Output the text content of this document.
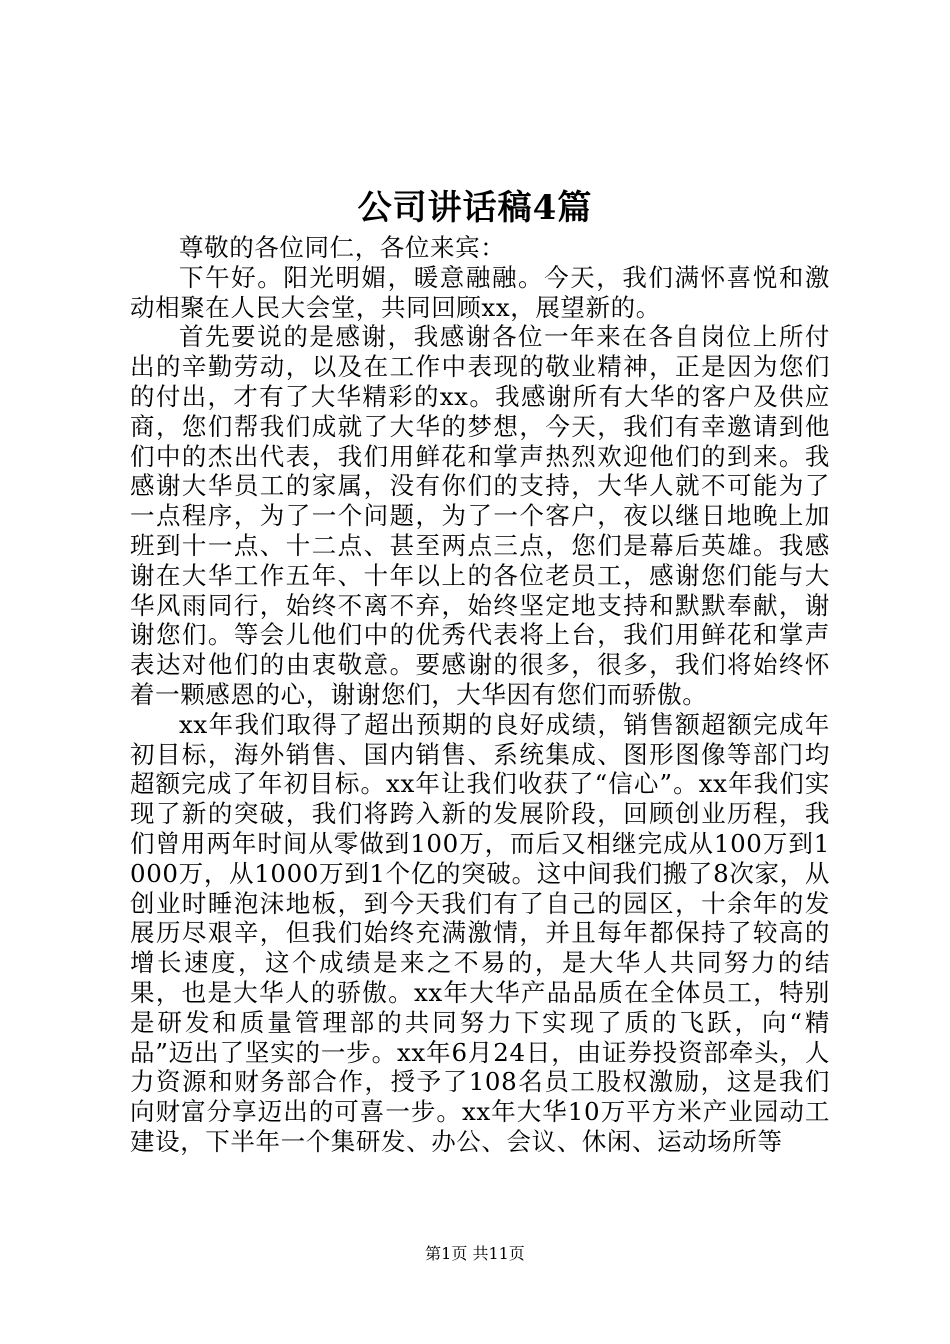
公司讲话稿4篇

尊敬的各位同仁，各位来宾：

下午好。阳光明媚，暖意融融。今天，我们满怀喜悦和激动相聚在人民大会堂，共同回顾xx，展望新的。

首先要说的是感谢，我感谢各位一年来在各自岗位上所付出的辛勤劳动，以及在工作中表现的敬业精神，正是因为您们的付出，才有了大华精彩的xx。我感谢所有大华的客户及供应商，您们帮我们成就了大华的梦想，今天，我们有幸邀请到他们中的杰出代表，我们用鲜花和掌声热烈欢迎他们的到来。我感谢大华员工的家属，没有你们的支持，大华人就不可能为了一点程序，为了一个问题，为了一个客户，夜以继日地晚上加班到十一点、十二点、甚至两点三点，您们是幕后英雄。我感谢在大华工作五年、十年以上的各位老员工，感谢您们能与大华风雨同行，始终不离不弃，始终坚定地支持和默默奉献，谢谢您们。等会儿他们中的优秀代表将上台，我们用鲜花和掌声表达对他们的由衷敬意。要感谢的很多，很多，我们将始终怀着一颗感恩的心，谢谢您们，大华因有您们而骄傲。

xx年我们取得了超出预期的良好成绩，销售额超额完成年初目标，海外销售、国内销售、系统集成、图形图像等部门均超额完成了年初目标。xx年让我们收获了“信心”。xx年我们实现了新的突破，我们将跨入新的发展阶段，回顾创业历程，我们曾用两年时间从零做到100万，而后又相继完成从100万到1000万，从1000万到1个亿的突破。这中间我们搬了8次家，从创业时睡泡沫地板，到今天我们有了自己的园区，十余年的发展历尽艰辛，但我们始终充满激情，并且每年都保持了较高的增长速度，这个成绩是来之不易的，是大华人共同努力的结果，也是大华人的骄傲。xx年大华产品品质在全体员工，特别是研发和质量管理部的共同努力下实现了质的飞跃，向“精品”迈出了坚实的一步。xx年6月24日，由证券投资部牵头，人力资源和财务部合作，授予了108名员工股权激励，这是我们向财富分享迈出的可喜一步。xx年大华10万平方米产业园动工建设，下半年一个集研发、办公、会议、休闲、运动场所等

第1页 共11页
